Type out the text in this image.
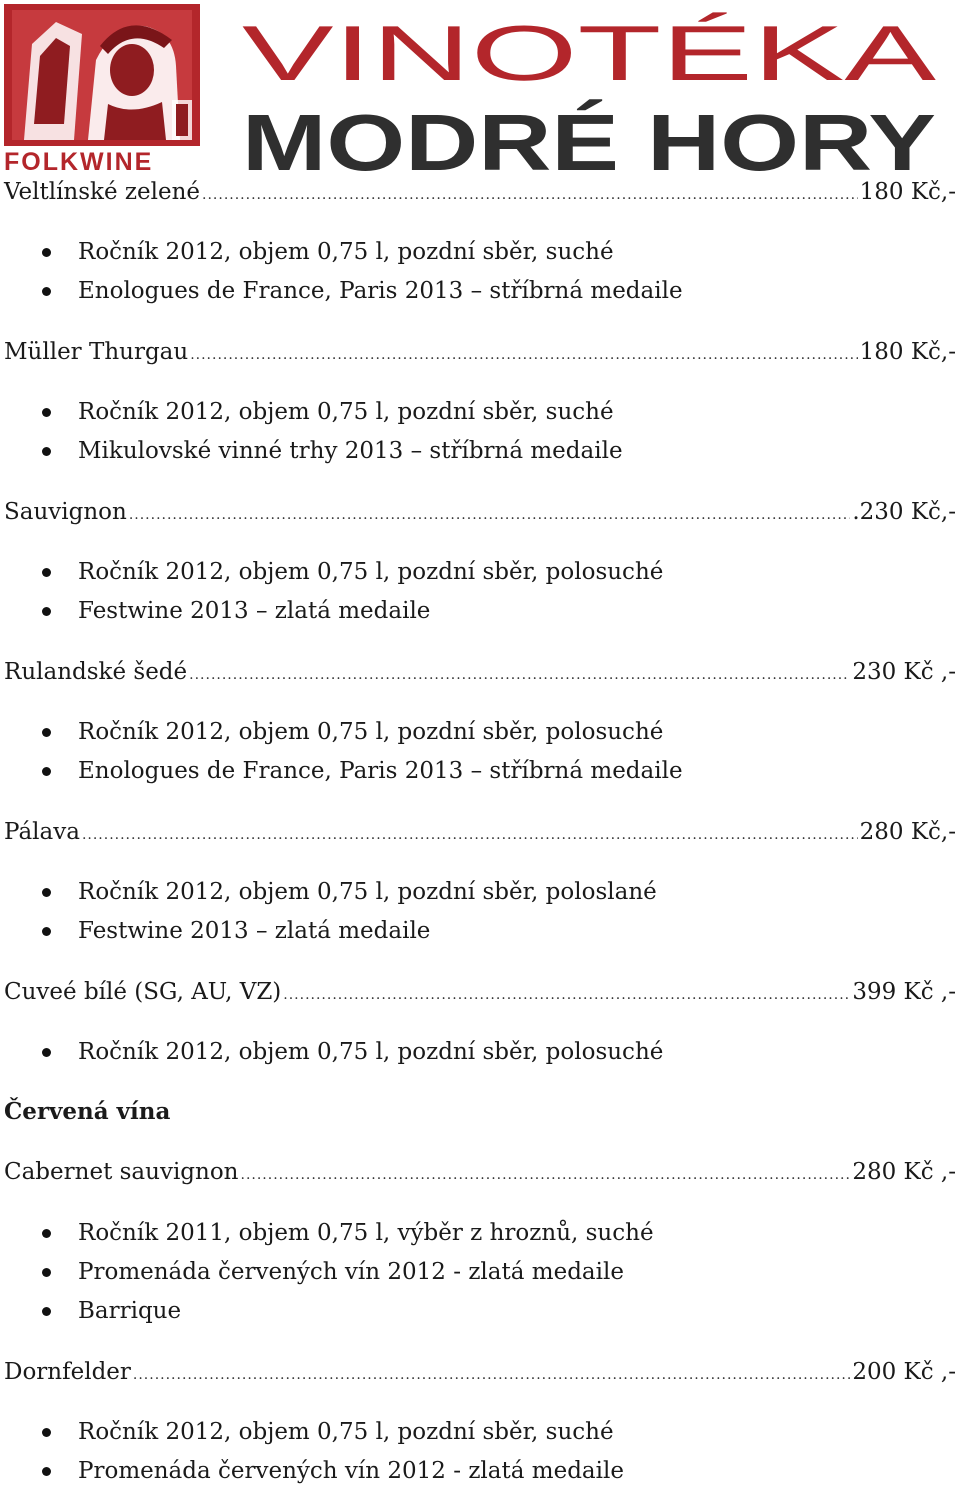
FOLKWINE
VINOTÉKA
MODRÉ HORY
Veltlínské zelené .....	180 Kč,-
Ročník 2012, objem 0,75 l, pozdní sběr, suché
Enologues de France, Paris 2013 – stříbrná medaile
Müller Thurgau .....	180 Kč,-
Ročník 2012, objem 0,75 l, pozdní sběr, suché
Mikulovské vinné trhy 2013 – stříbrná medaile
Sauvignon .....	.230 Kč,-
Ročník 2012, objem 0,75 l, pozdní sběr, polosuché
Festwine 2013 – zlatá medaile
Rulandské šedé .....	230 Kč ,-
Ročník 2012, objem 0,75 l, pozdní sběr, polosuché
Enologues de France, Paris 2013 – stříbrná medaile
Pálava .....	280 Kč,-
Ročník 2012, objem 0,75 l, pozdní sběr, poloslané
Festwine 2013 – zlatá medaile
Cuveé bílé (SG, AU, VZ) .....	399 Kč ,-
Ročník 2012, objem 0,75 l, pozdní sběr, polosuché
Červená vína
Cabernet sauvignon .....	280 Kč ,-
Ročník 2011, objem 0,75 l, výběr z hroznů, suché
Promenáda červených vín 2012 - zlatá medaile
Barrique
Dornfelder .....	200 Kč ,-
Ročník 2012, objem 0,75 l, pozdní sběr, suché
Promenáda červených vín 2012 - zlatá medaile
